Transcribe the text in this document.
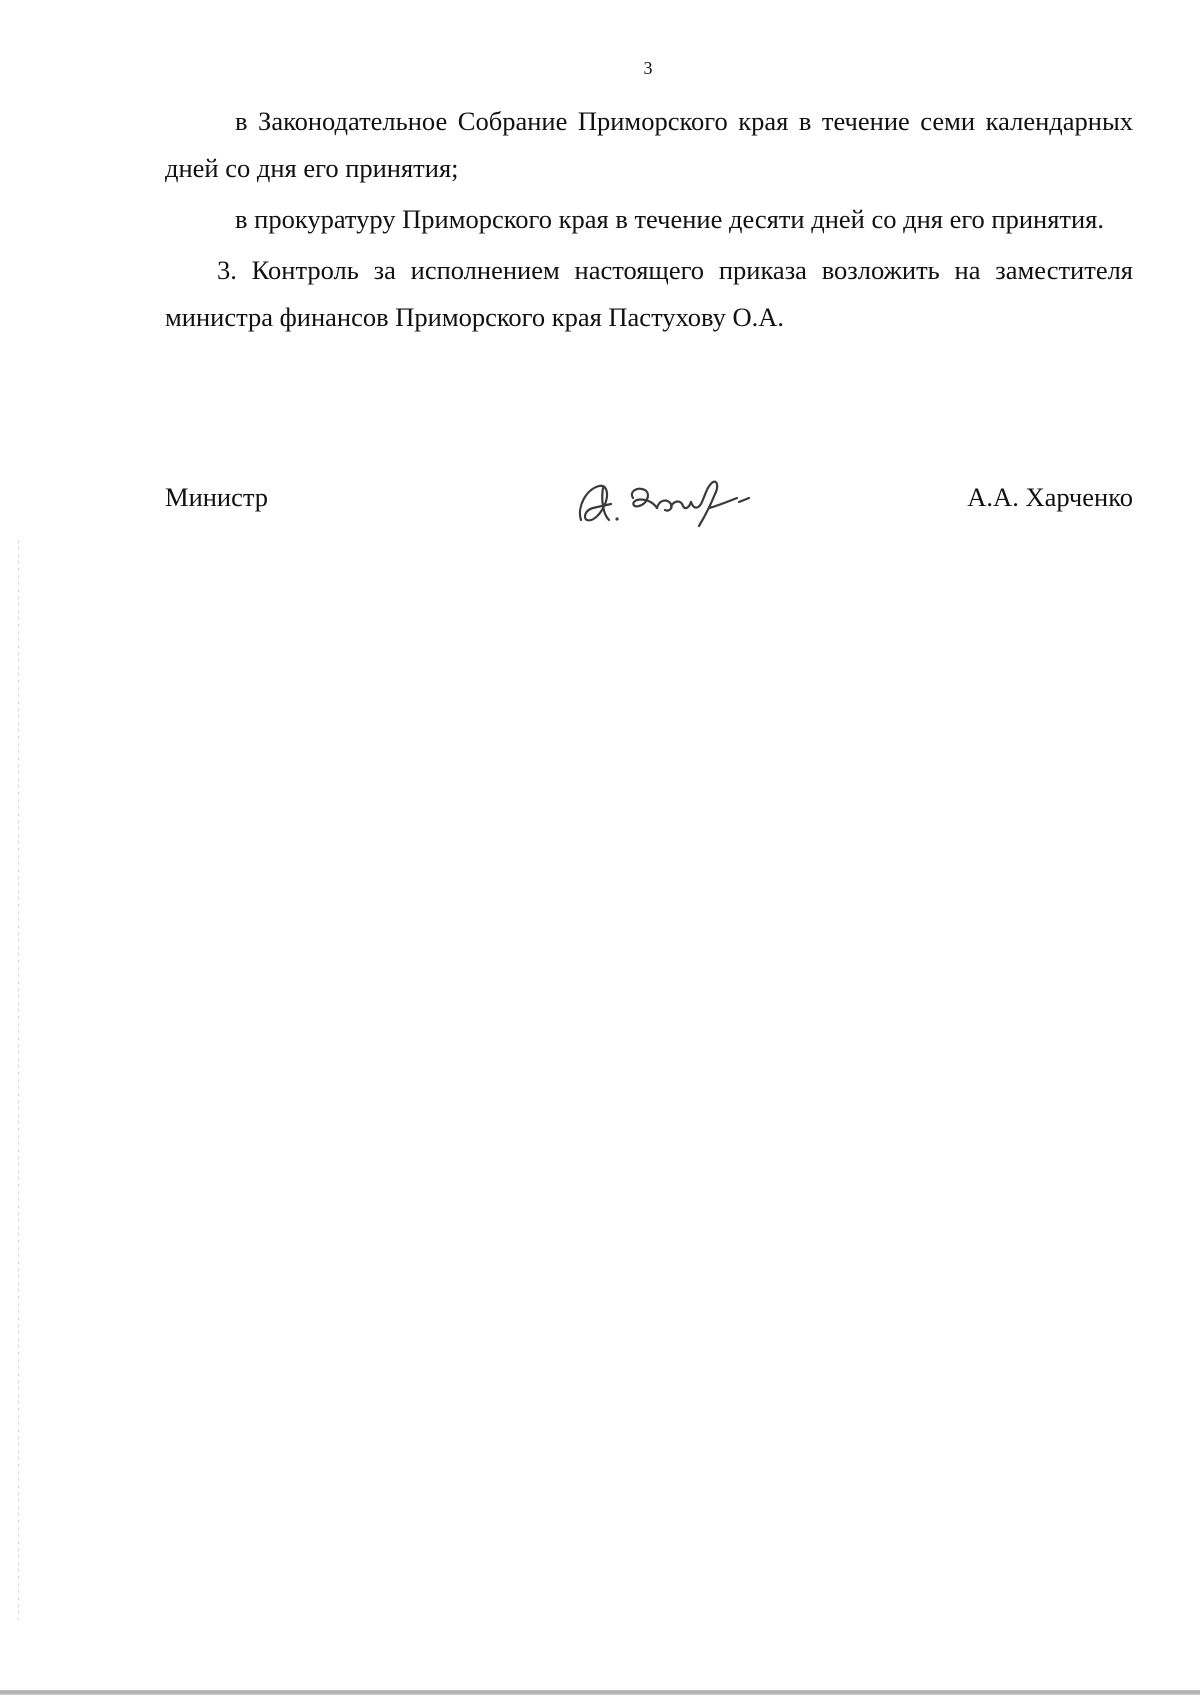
3

в Законодательное Собрание Приморского края в течение семи календарных дней со дня его принятия;

в прокуратуру Приморского края в течение десяти дней со дня его принятия.

3. Контроль за исполнением настоящего приказа возложить на заместителя министра финансов Приморского края Пастухову О.А.

Министр	А.А. Харченко
